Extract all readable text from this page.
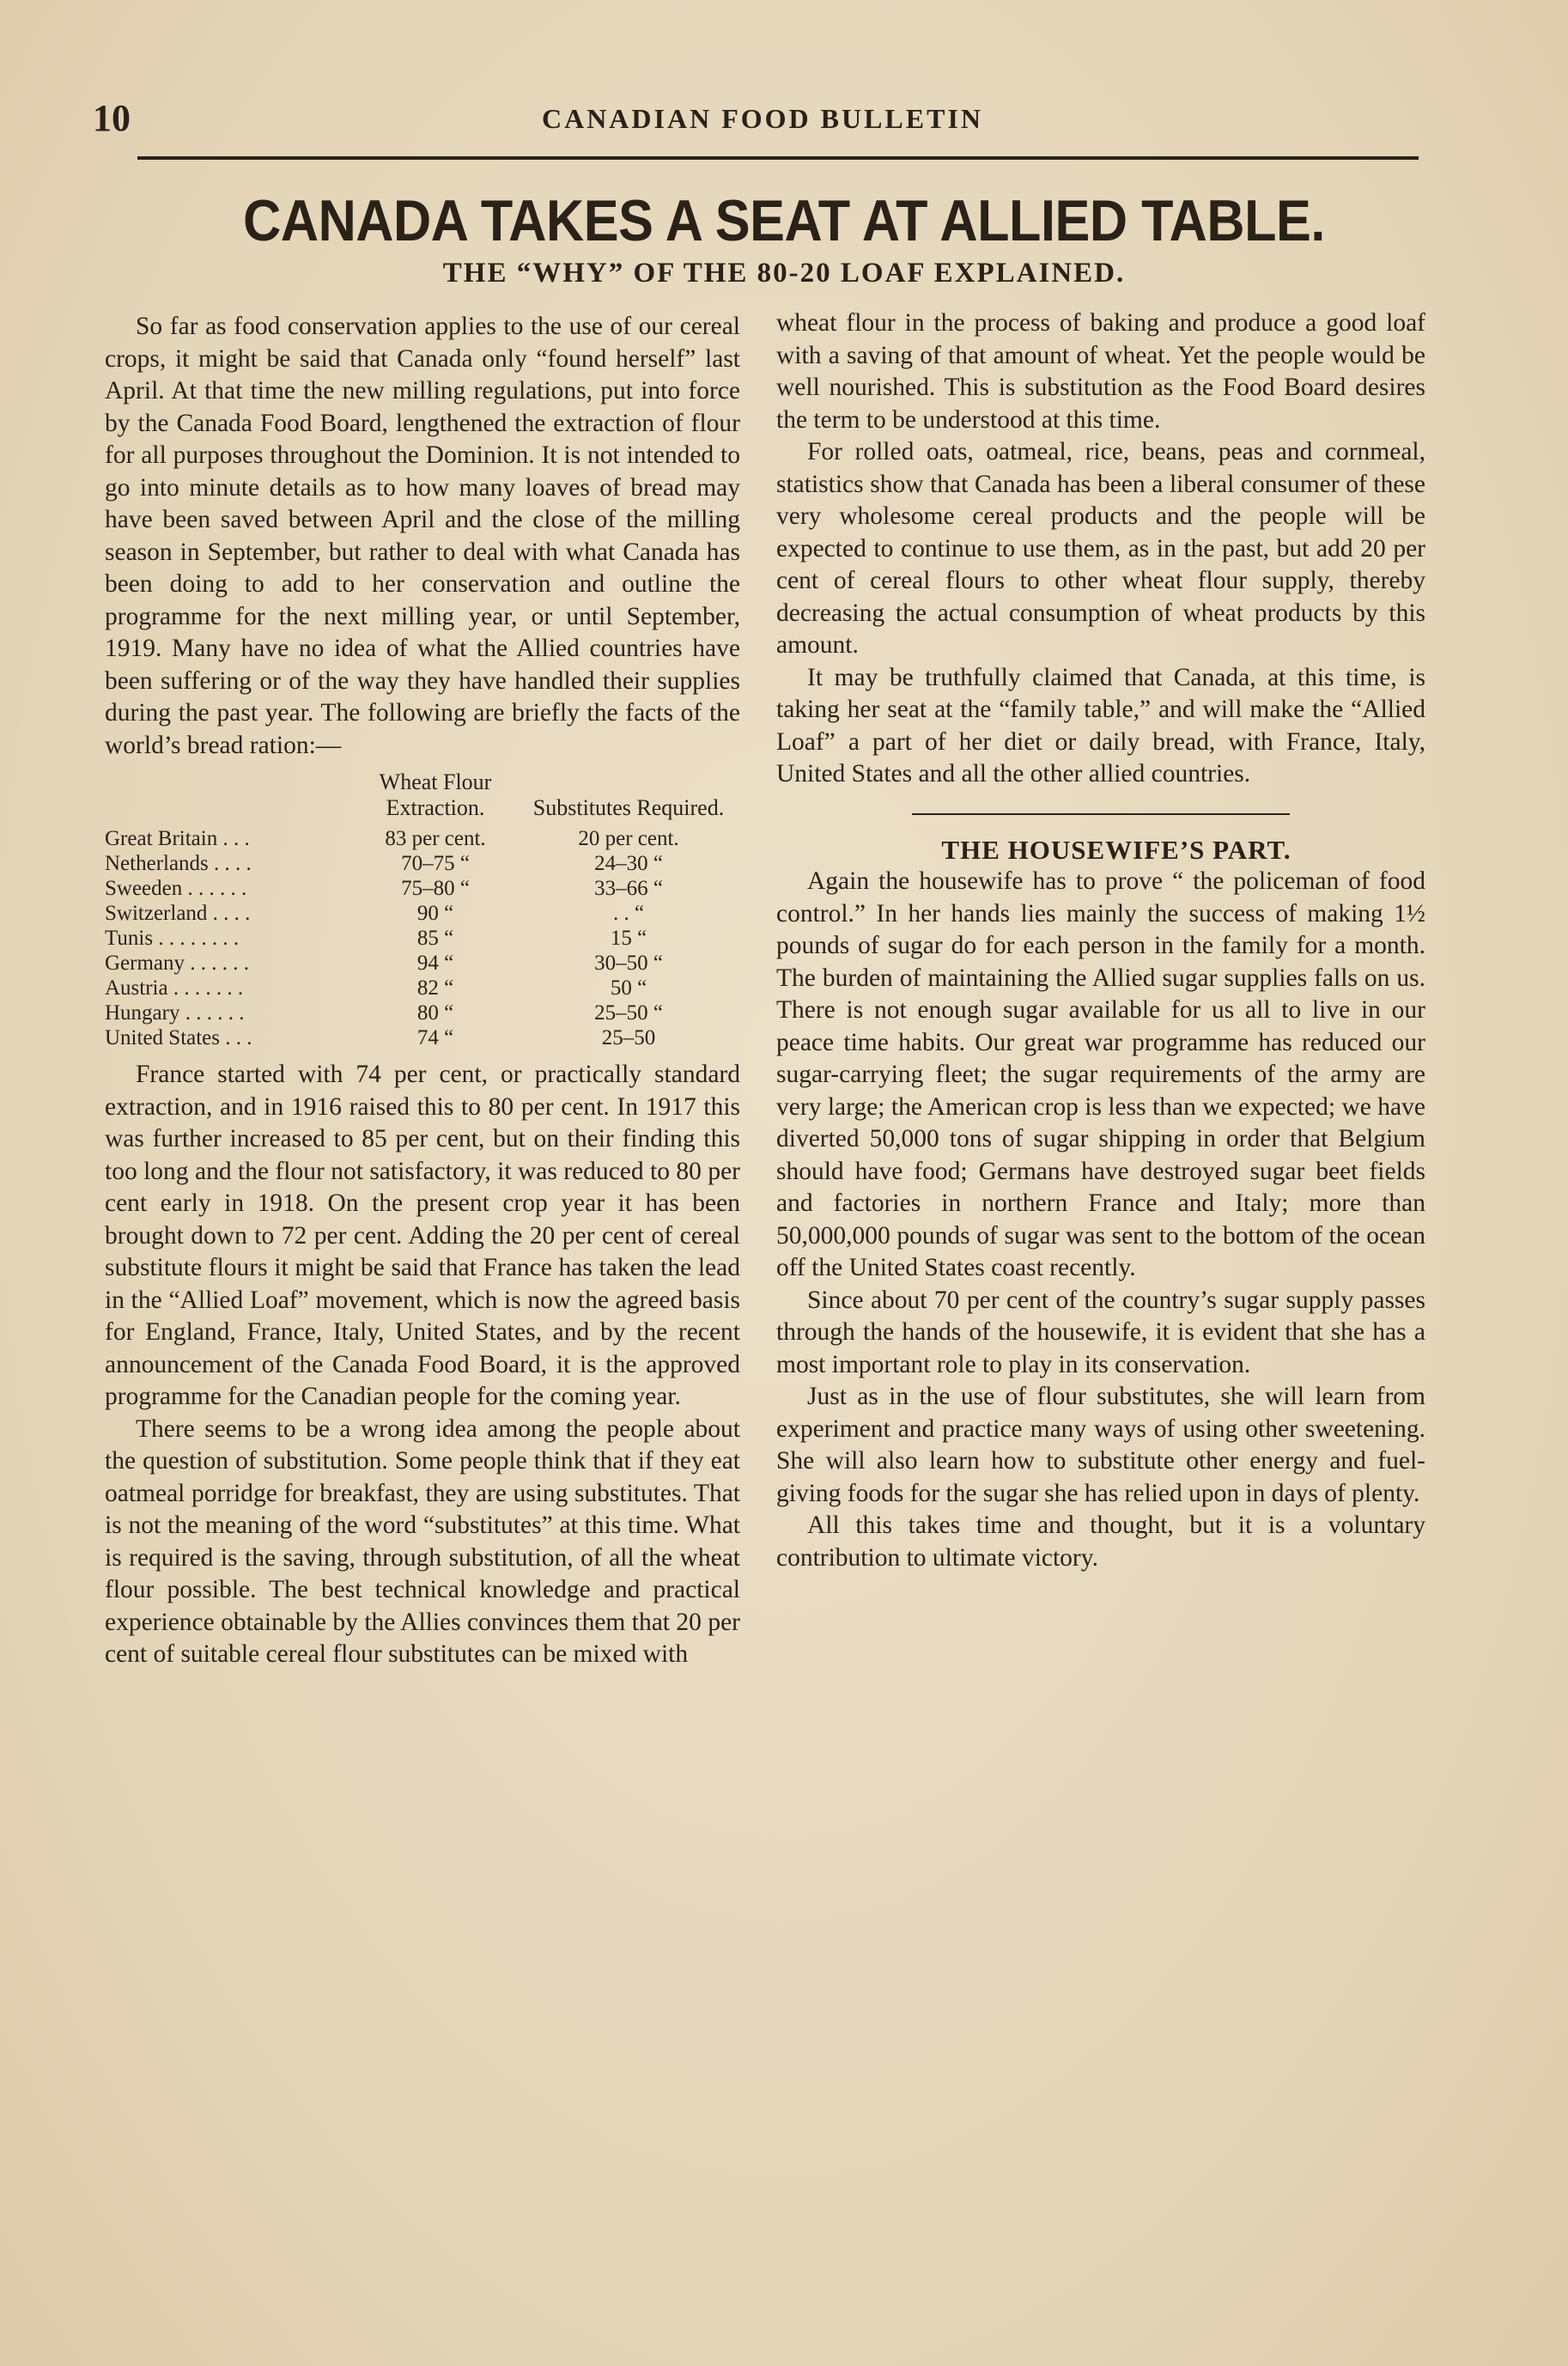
10	CANADIAN FOOD BULLETIN
CANADA TAKES A SEAT AT ALLIED TABLE.
THE “WHY” OF THE 80-20 LOAF EXPLAINED.

So far as food conservation applies to the use of our cereal crops, it might be said that Canada only “found herself” last April. At that time the new milling regulations, put into force by the Canada Food Board, lengthened the extraction of flour for all purposes throughout the Dominion. It is not intended to go into minute details as to how many loaves of bread may have been saved between April and the close of the milling season in September, but rather to deal with what Canada has been doing to add to her conservation and outline the programme for the next milling year, or until September, 1919. Many have no idea of what the Allied countries have been suffering or of the way they have handled their supplies during the past year. The following are briefly the facts of the world’s bread ration:—

	Wheat Flour Extraction.	Substitutes Required.
Great Britain . . .	83 per cent.	20 per cent.
Netherlands . . . .	70–75 “	24–30 “
Sweeden . . . . . .	75–80 “	33–66 “
Switzerland . . . .	90 “	. . “
Tunis . . . . . . . .	85 “	15 “
Germany . . . . . .	94 “	30–50 “
Austria . . . . . . .	82 “	50 “
Hungary . . . . . .	80 “	25–50 “
United States . . .	74 “	25–50

France started with 74 per cent, or practically standard extraction, and in 1916 raised this to 80 per cent. In 1917 this was further increased to 85 per cent, but on their finding this too long and the flour not satisfactory, it was reduced to 80 per cent early in 1918. On the present crop year it has been brought down to 72 per cent. Adding the 20 per cent of cereal substitute flours it might be said that France has taken the lead in the “Allied Loaf” movement, which is now the agreed basis for England, France, Italy, United States, and by the recent announcement of the Canada Food Board, it is the approved programme for the Canadian people for the coming year.

There seems to be a wrong idea among the people about the question of substitution. Some people think that if they eat oatmeal porridge for breakfast, they are using substitutes. That is not the meaning of the word “substitutes” at this time. What is required is the saving, through substitution, of all the wheat flour possible. The best technical knowledge and practical experience obtainable by the Allies convinces them that 20 per cent of suitable cereal flour substitutes can be mixed with

wheat flour in the process of baking and produce a good loaf with a saving of that amount of wheat. Yet the people would be well nourished. This is substitution as the Food Board desires the term to be understood at this time.

For rolled oats, oatmeal, rice, beans, peas and cornmeal, statistics show that Canada has been a liberal consumer of these very wholesome cereal products and the people will be expected to continue to use them, as in the past, but add 20 per cent of cereal flours to other wheat flour supply, thereby decreasing the actual consumption of wheat products by this amount.

It may be truthfully claimed that Canada, at this time, is taking her seat at the “family table,” and will make the “Allied Loaf” a part of her diet or daily bread, with France, Italy, United States and all the other allied countries.

THE HOUSEWIFE’S PART.

Again the housewife has to prove “ the policeman of food control.” In her hands lies mainly the success of making 1½ pounds of sugar do for each person in the family for a month. The burden of maintaining the Allied sugar supplies falls on us. There is not enough sugar available for us all to live in our peace time habits. Our great war programme has reduced our sugar-carrying fleet; the sugar requirements of the army are very large; the American crop is less than we expected; we have diverted 50,000 tons of sugar shipping in order that Belgium should have food; Germans have destroyed sugar beet fields and factories in northern France and Italy; more than 50,000,000 pounds of sugar was sent to the bottom of the ocean off the United States coast recently.

Since about 70 per cent of the country’s sugar supply passes through the hands of the housewife, it is evident that she has a most important role to play in its conservation.

Just as in the use of flour substitutes, she will learn from experiment and practice many ways of using other sweetening. She will also learn how to substitute other energy and fuel-giving foods for the sugar she has relied upon in days of plenty.

All this takes time and thought, but it is a voluntary contribution to ultimate victory.
